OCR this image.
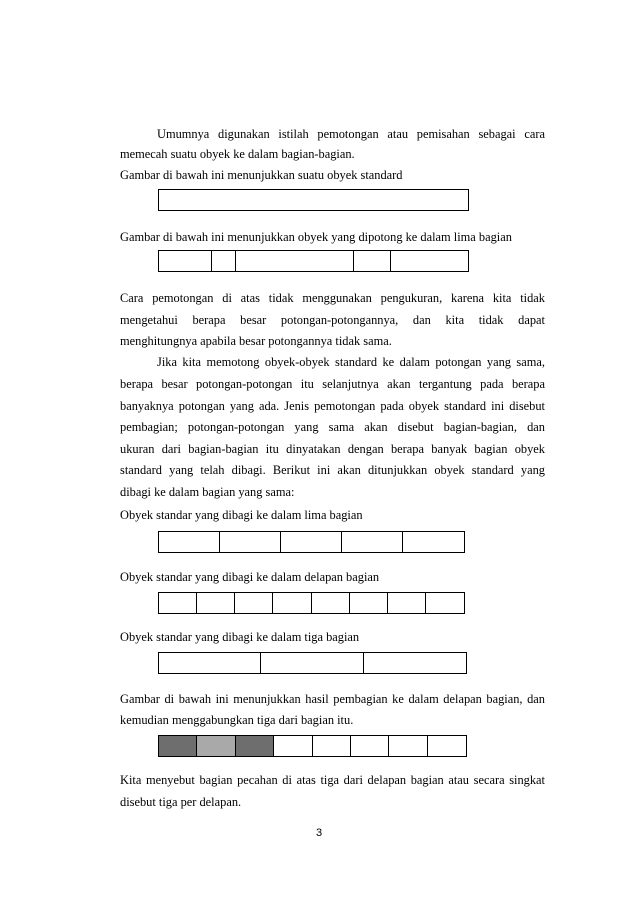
Umumnya digunakan istilah pemotongan atau pemisahan sebagai cara

memecah suatu obyek ke dalam bagian-bagian.

Gambar di bawah ini menunjukkan suatu obyek standard

Gambar di bawah ini menunjukkan obyek yang dipotong ke dalam lima bagian

Cara pemotongan di atas tidak menggunakan pengukuran, karena kita tidak

mengetahui berapa besar potongan-potongannya, dan kita tidak dapat

menghitungnya apabila besar potongannya tidak sama.

Jika kita memotong obyek-obyek standard ke dalam potongan yang sama,

berapa besar potongan-potongan itu selanjutnya akan tergantung pada berapa

banyaknya potongan yang ada. Jenis pemotongan pada obyek standard ini disebut

pembagian; potongan-potongan yang sama akan disebut bagian-bagian, dan

ukuran dari bagian-bagian itu dinyatakan dengan berapa banyak bagian obyek

standard yang telah dibagi. Berikut ini akan ditunjukkan obyek standard yang

dibagi ke dalam bagian yang sama:

Obyek standar yang dibagi ke dalam lima bagian

Obyek standar yang dibagi ke dalam delapan bagian

Obyek standar yang dibagi ke dalam tiga bagian

Gambar di bawah ini menunjukkan hasil pembagian ke dalam delapan bagian, dan

kemudian menggabungkan tiga dari bagian itu.

Kita menyebut bagian pecahan di atas tiga dari delapan bagian atau secara singkat

disebut tiga per delapan.

3
